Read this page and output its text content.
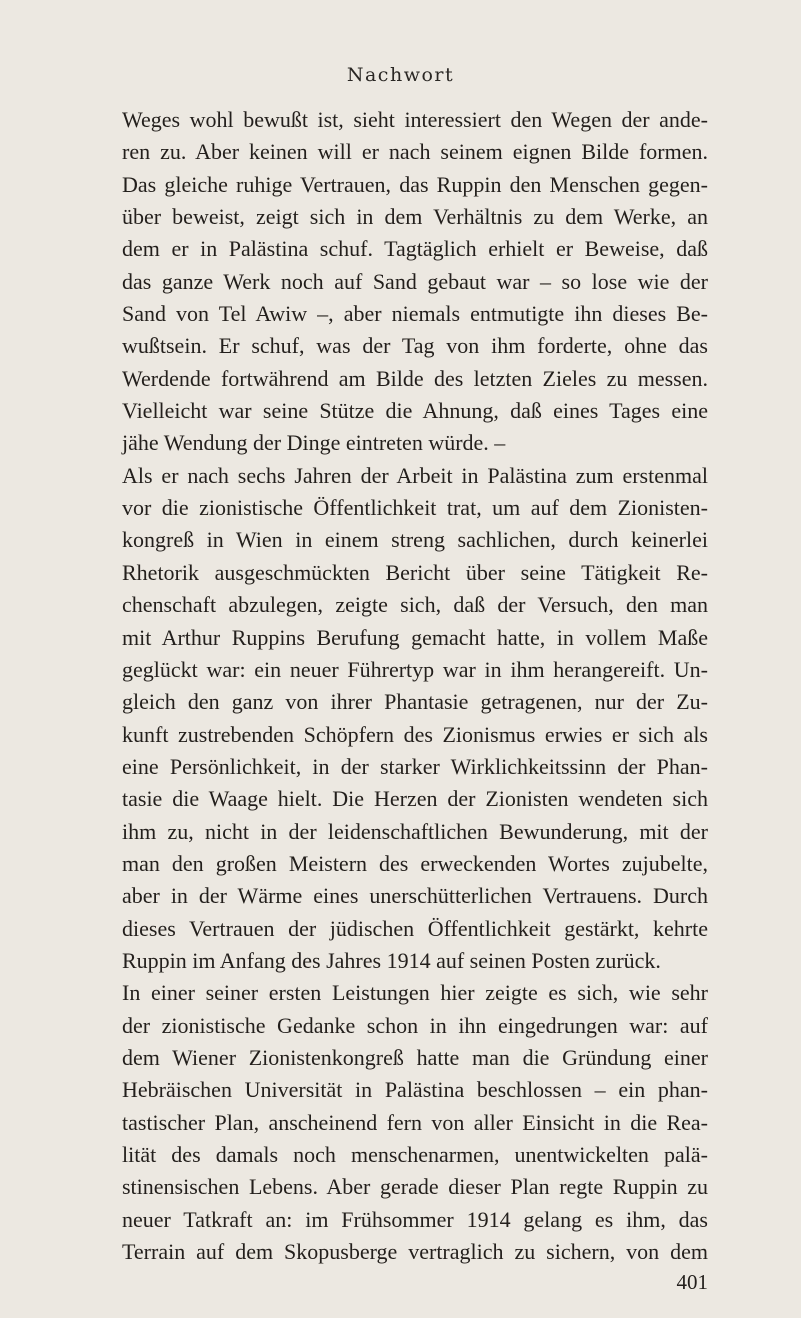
Nachwort
Weges wohl bewußt ist, sieht interessiert den Wegen der ande-
ren zu. Aber keinen will er nach seinem eignen Bilde formen.
Das gleiche ruhige Vertrauen, das Ruppin den Menschen gegen-
über beweist, zeigt sich in dem Verhältnis zu dem Werke, an
dem er in Palästina schuf. Tagtäglich erhielt er Beweise, daß
das ganze Werk noch auf Sand gebaut war – so lose wie der
Sand von Tel Awiw –, aber niemals entmutigte ihn dieses Be-
wußtsein. Er schuf, was der Tag von ihm forderte, ohne das
Werdende fortwährend am Bilde des letzten Zieles zu messen.
Vielleicht war seine Stütze die Ahnung, daß eines Tages eine
jähe Wendung der Dinge eintreten würde. –
Als er nach sechs Jahren der Arbeit in Palästina zum erstenmal
vor die zionistische Öffentlichkeit trat, um auf dem Zionisten-
kongreß in Wien in einem streng sachlichen, durch keinerlei
Rhetorik ausgeschmückten Bericht über seine Tätigkeit Re-
chenschaft abzulegen, zeigte sich, daß der Versuch, den man
mit Arthur Ruppins Berufung gemacht hatte, in vollem Maße
geglückt war: ein neuer Führertyp war in ihm herangereift. Un-
gleich den ganz von ihrer Phantasie getragenen, nur der Zu-
kunft zustrebenden Schöpfern des Zionismus erwies er sich als
eine Persönlichkeit, in der starker Wirklichkeitssinn der Phan-
tasie die Waage hielt. Die Herzen der Zionisten wendeten sich
ihm zu, nicht in der leidenschaftlichen Bewunderung, mit der
man den großen Meistern des erweckenden Wortes zujubelte,
aber in der Wärme eines unerschütterlichen Vertrauens. Durch
dieses Vertrauen der jüdischen Öffentlichkeit gestärkt, kehrte
Ruppin im Anfang des Jahres 1914 auf seinen Posten zurück.
In einer seiner ersten Leistungen hier zeigte es sich, wie sehr
der zionistische Gedanke schon in ihn eingedrungen war: auf
dem Wiener Zionistenkongreß hatte man die Gründung einer
Hebräischen Universität in Palästina beschlossen – ein phan-
tastischer Plan, anscheinend fern von aller Einsicht in die Rea-
lität des damals noch menschenarmen, unentwickelten palä-
stinensischen Lebens. Aber gerade dieser Plan regte Ruppin zu
neuer Tatkraft an: im Frühsommer 1914 gelang es ihm, das
Terrain auf dem Skopusberge vertraglich zu sichern, von dem
401
